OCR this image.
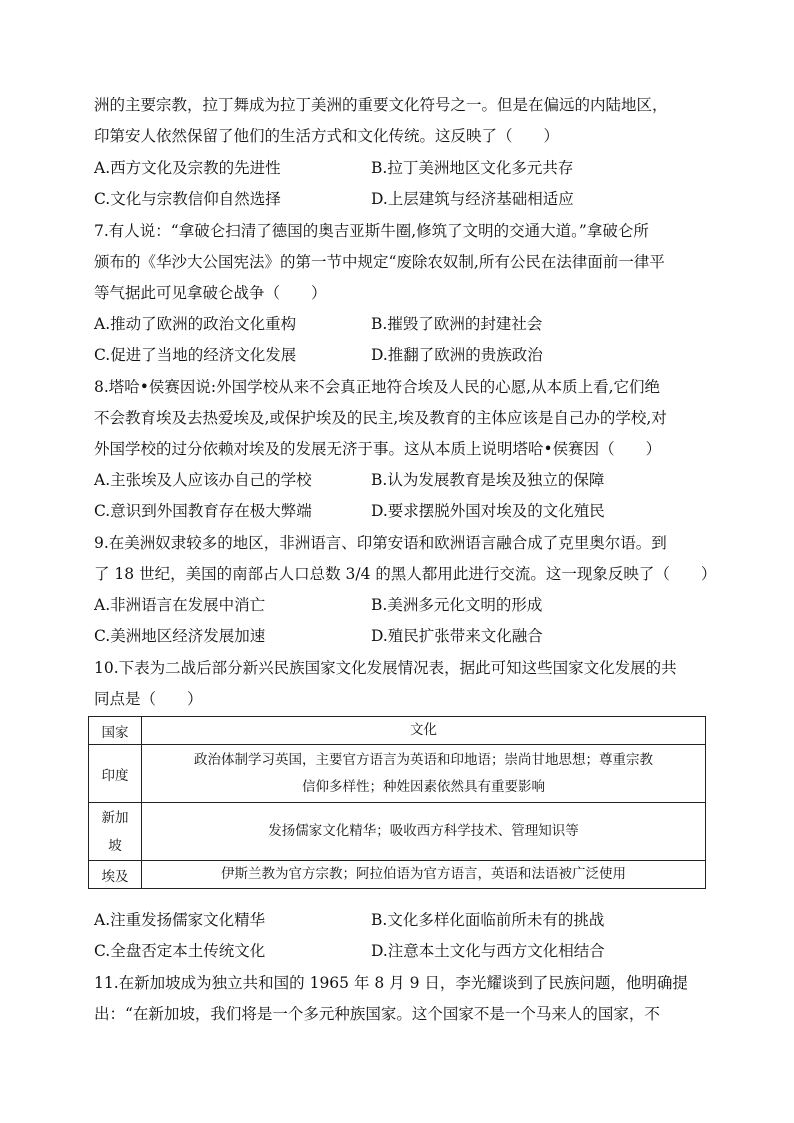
洲的主要宗教，拉丁舞成为拉丁美洲的重要文化符号之一。但是在偏远的内陆地区，
印第安人依然保留了他们的生活方式和文化传统。这反映了（　　）
A.西方文化及宗教的先进性	B.拉丁美洲地区文化多元共存
C.文化与宗教信仰自然选择	D.上层建筑与经济基础相适应
7.有人说：“拿破仑扫清了德国的奥吉亚斯牛圈,修筑了文明的交通大道。”拿破仑所
颁布的《华沙大公国宪法》的第一节中规定“废除农奴制,所有公民在法律面前一律平
等气据此可见拿破仑战争（　　）
A.推动了欧洲的政治文化重构	B.摧毁了欧洲的封建社会
C.促进了当地的经济文化发展	D.推翻了欧洲的贵族政治
8.塔哈•侯赛因说:外国学校从来不会真正地符合埃及人民的心愿,从本质上看,它们绝
不会教育埃及去热爱埃及,或保护埃及的民主,埃及教育的主体应该是自己办的学校,对
外国学校的过分依赖对埃及的发展无济于事。这从本质上说明塔哈•侯赛因（　　）
A.主张埃及人应该办自己的学校	B.认为发展教育是埃及独立的保障
C.意识到外国教育存在极大弊端	D.要求摆脱外国对埃及的文化殖民
9.在美洲奴隶较多的地区，非洲语言、印第安语和欧洲语言融合成了克里奥尔语。到
了 18 世纪，美国的南部占人口总数 3/4 的黑人都用此进行交流。这一现象反映了（　　）
A.非洲语言在发展中消亡	B.美洲多元化文明的形成
C.美洲地区经济发展加速	D.殖民扩张带来文化融合
10.下表为二战后部分新兴民族国家文化发展情况表，据此可知这些国家文化发展的共
同点是（　　）
国家	文化
印度	政治体制学习英国，主要官方语言为英语和印地语；崇尚甘地思想；尊重宗教
信仰多样性；种姓因素依然具有重要影响

新加
坡	发扬儒家文化精华；吸收西方科学技术、管理知识等
埃及	伊斯兰教为官方宗教；阿拉伯语为官方语言，英语和法语被广泛使用
A.注重发扬儒家文化精华	B.文化多样化面临前所未有的挑战
C.全盘否定本土传统文化	D.注意本土文化与西方文化相结合
11.在新加坡成为独立共和国的 1965 年 8 月 9 日，李光耀谈到了民族问题，他明确提
出：“在新加坡，我们将是一个多元种族国家。这个国家不是一个马来人的国家，不
